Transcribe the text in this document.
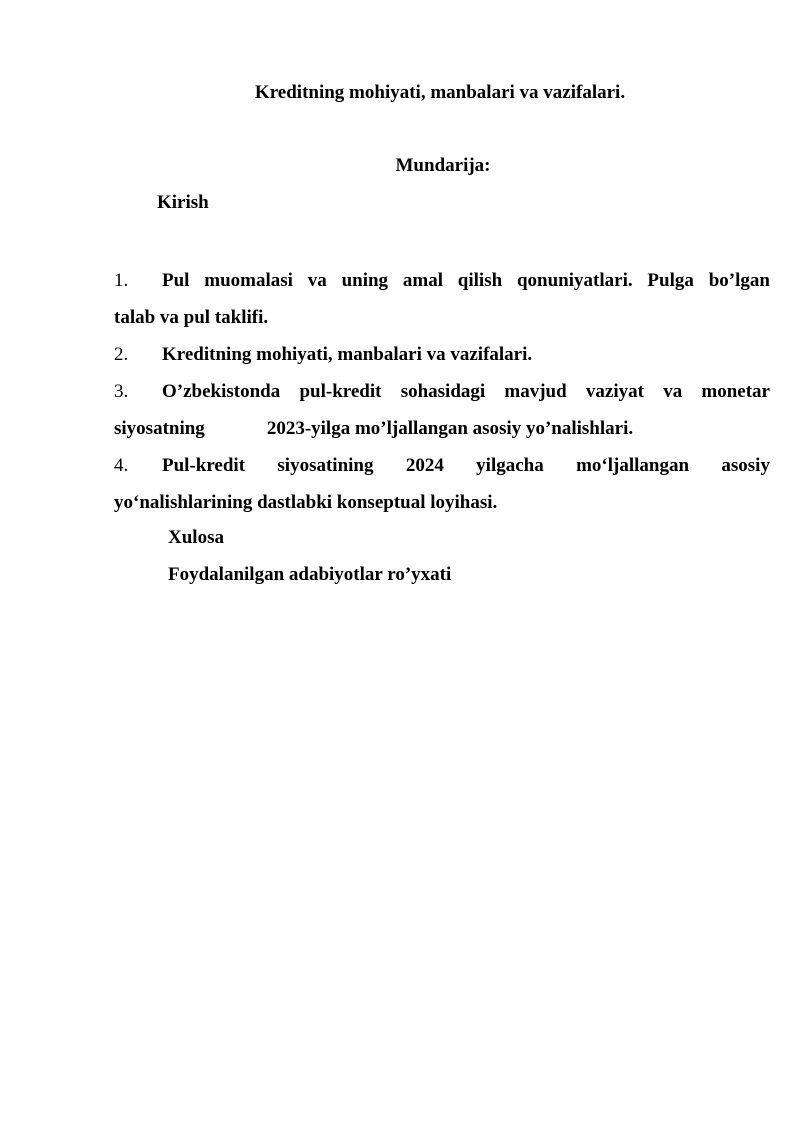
Kreditning mohiyati, manbalari va vazifalari.
Mundarija:
Kirish
1.	Pul muomalasi va uning amal qilish qonuniyatlari. Pulga bo’lgan
talab va pul taklifi.
2. Kreditning mohiyati, manbalari va vazifalari.
3.	O’zbekistonda pul-kredit sohasidagi mavjud vaziyat va monetar
siyosatning	2023-yilga mo’ljallangan asosiy yo’nalishlari.
4.	Pul-kredit siyosatining 2024 yilgacha mo‘ljallangan asosiy
yo‘nalishlarining dastlabki konseptual loyihasi.
Xulosa
Foydalanilgan adabiyotlar ro’yxati
